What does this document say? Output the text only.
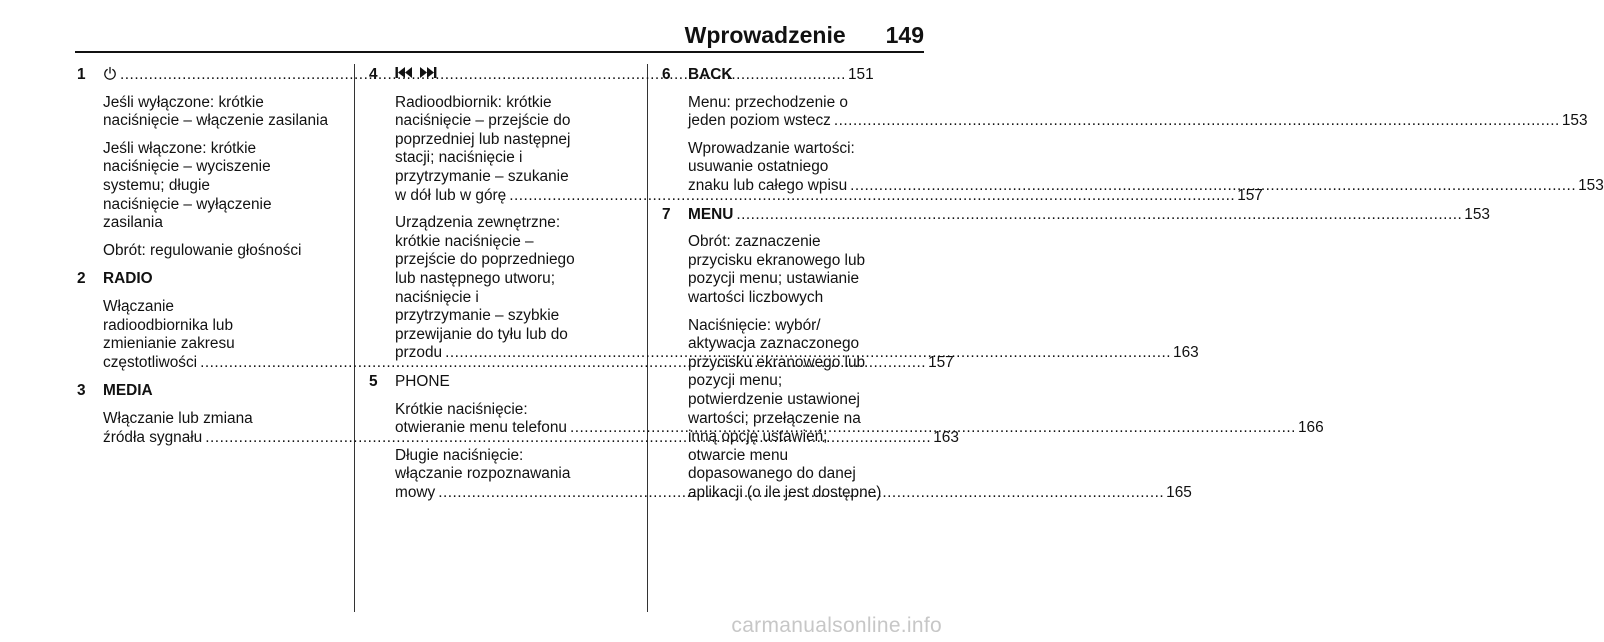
Wprowadzenie 149
1 .....	151
Jeśli wyłączone: krótkie
naciśnięcie – włączenie zasilania
Jeśli włączone: krótkie
naciśnięcie – wyciszenie
systemu; długie
naciśnięcie – wyłączenie
zasilania
Obrót: regulowanie głośności
2	RADIO
Włączanie
radioodbiornika lub
zmienianie zakresu
częstotliwości .....	157
3	MEDIA
Włączanie lub zmiana
źródła sygnału .....	163
4
Radioodbiornik: krótkie
naciśnięcie – przejście do
poprzedniej lub następnej
stacji; naciśnięcie i
przytrzymanie – szukanie
w dół lub w górę .....	157
Urządzenia zewnętrzne:
krótkie naciśnięcie –
przejście do poprzedniego
lub następnego utworu;
naciśnięcie i
przytrzymanie – szybkie
przewijanie do tyłu lub do
przodu .....	163
5	PHONE
Krótkie naciśnięcie:
otwieranie menu telefonu .....	166
Długie naciśnięcie:
włączanie rozpoznawania
mowy .....	165
6	BACK
Menu: przechodzenie o
jeden poziom wstecz .....	153
Wprowadzanie wartości:
usuwanie ostatniego
znaku lub całego wpisu .....	153
7	MENU .....	153
Obrót: zaznaczenie
przycisku ekranowego lub
pozycji menu; ustawianie
wartości liczbowych
Naciśnięcie: wybór/
aktywacja zaznaczonego
przycisku ekranowego lub
pozycji menu;
potwierdzenie ustawionej
wartości; przełączenie na
inną opcję ustawień;
otwarcie menu
dopasowanego do danej
aplikacji (o ile jest dostępne)
carmanualsonline.info
